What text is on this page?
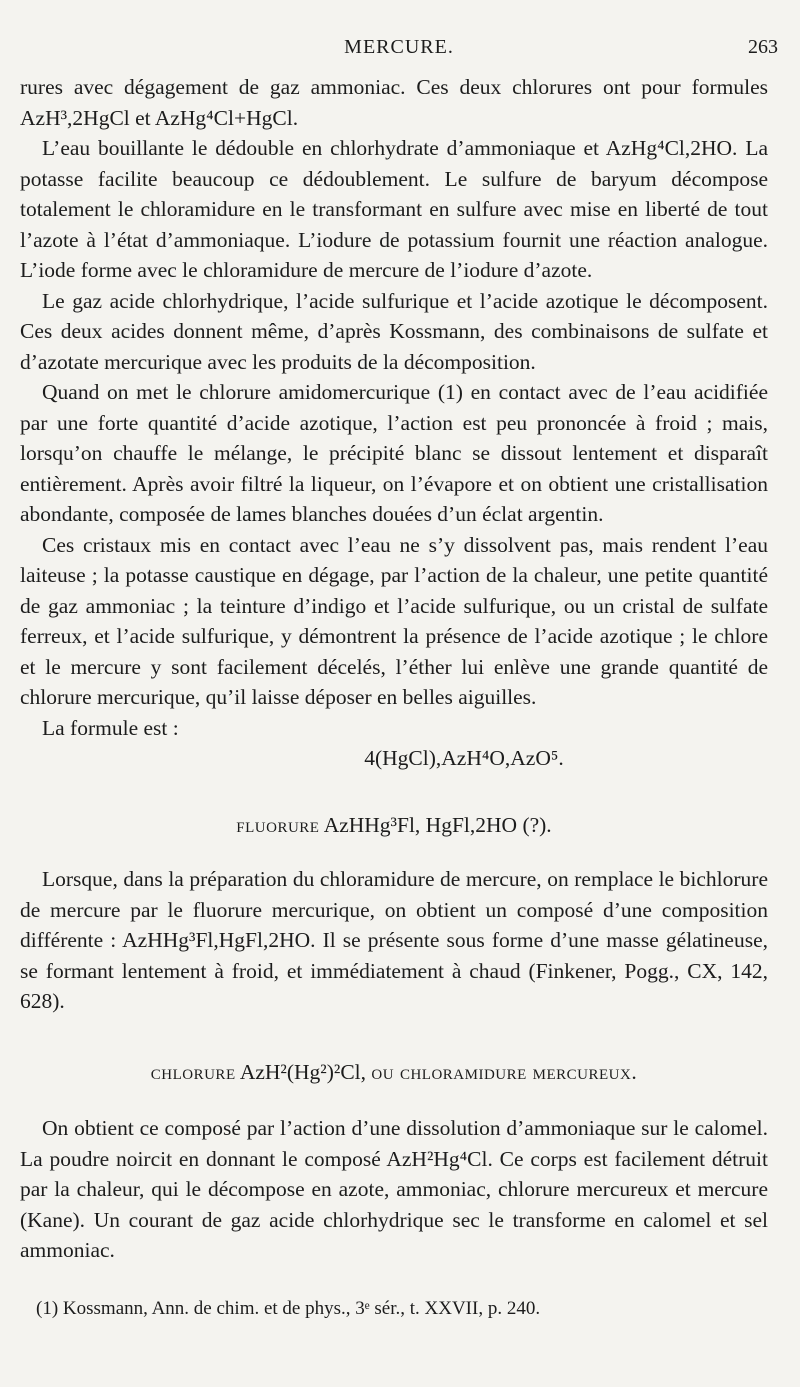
MERCURE.	263

rures avec dégagement de gaz ammoniac. Ces deux chlorures ont pour formules AzH³,2HgCl et AzHg⁴Cl+HgCl.

L’eau bouillante le dédouble en chlorhydrate d’ammoniaque et AzHg⁴Cl,2HO. La potasse facilite beaucoup ce dédoublement. Le sulfure de baryum décompose totalement le chloramidure en le transformant en sulfure avec mise en liberté de tout l’azote à l’état d’ammoniaque. L’iodure de potassium fournit une réaction analogue. L’iode forme avec le chloramidure de mercure de l’iodure d’azote.

Le gaz acide chlorhydrique, l’acide sulfurique et l’acide azotique le décomposent. Ces deux acides donnent même, d’après Kossmann, des combinaisons de sulfate et d’azotate mercurique avec les produits de la décomposition.

Quand on met le chlorure amidomercurique (1) en contact avec de l’eau acidifiée par une forte quantité d’acide azotique, l’action est peu prononcée à froid ; mais, lorsqu’on chauffe le mélange, le précipité blanc se dissout lentement et disparaît entièrement. Après avoir filtré la liqueur, on l’évapore et on obtient une cristallisation abondante, composée de lames blanches douées d’un éclat argentin.

Ces cristaux mis en contact avec l’eau ne s’y dissolvent pas, mais rendent l’eau laiteuse ; la potasse caustique en dégage, par l’action de la chaleur, une petite quantité de gaz ammoniac ; la teinture d’indigo et l’acide sulfurique, ou un cristal de sulfate ferreux, et l’acide sulfurique, y démontrent la présence de l’acide azotique ; le chlore et le mercure y sont facilement décelés, l’éther lui enlève une grande quantité de chlorure mercurique, qu’il laisse déposer en belles aiguilles.

La formule est :

4(HgCl),AzH⁴O,AzO⁵.

fluorure AzHHg³Fl, HgFl,2HO (?).

Lorsque, dans la préparation du chloramidure de mercure, on remplace le bichlorure de mercure par le fluorure mercurique, on obtient un composé d’une composition différente : AzHHg³Fl,HgFl,2HO. Il se présente sous forme d’une masse gélatineuse, se formant lentement à froid, et immédiatement à chaud (Finkener, Pogg., CX, 142, 628).

chlorure AzH²(Hg²)²Cl, ou chloramidure mercureux.

On obtient ce composé par l’action d’une dissolution d’ammoniaque sur le calomel. La poudre noircit en donnant le composé AzH²Hg⁴Cl. Ce corps est facilement détruit par la chaleur, qui le décompose en azote, ammoniac, chlorure mercureux et mercure (Kane). Un courant de gaz acide chlorhydrique sec le transforme en calomel et sel ammoniac.

(1) Kossmann, Ann. de chim. et de phys., 3ᵉ sér., t. XXVII, p. 240.
